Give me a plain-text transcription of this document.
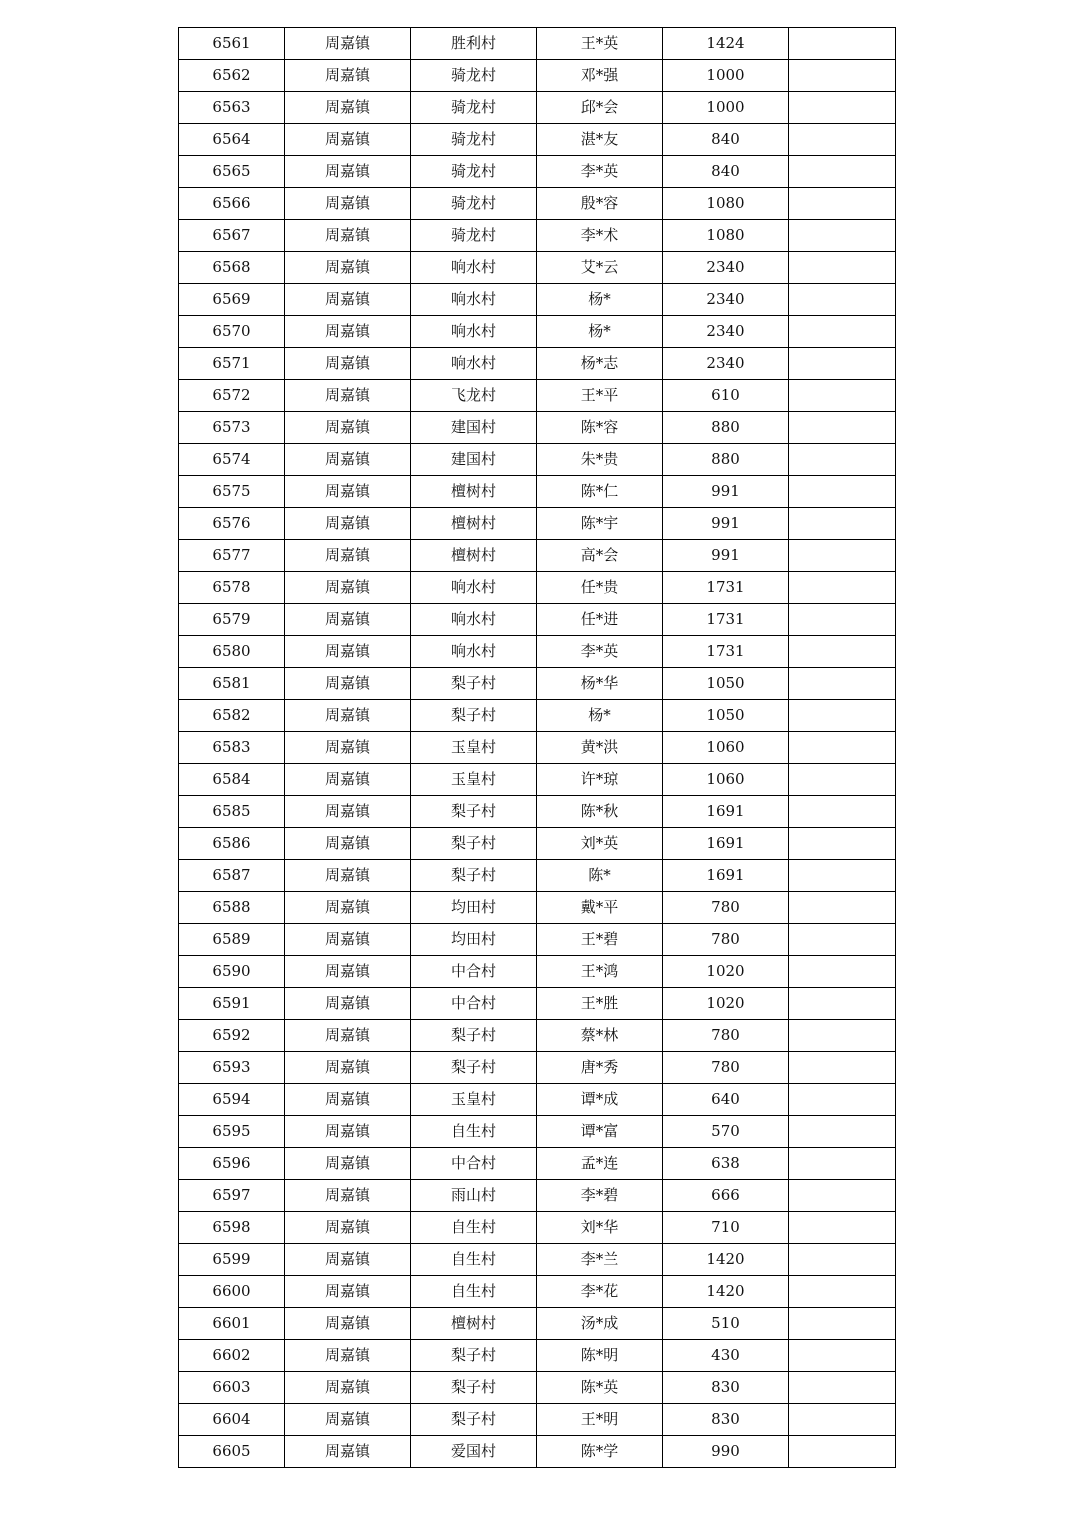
6561	周嘉镇	胜利村	王*英	1424	
6562	周嘉镇	骑龙村	邓*强	1000	
6563	周嘉镇	骑龙村	邱*会	1000	
6564	周嘉镇	骑龙村	湛*友	840	
6565	周嘉镇	骑龙村	李*英	840	
6566	周嘉镇	骑龙村	殷*容	1080	
6567	周嘉镇	骑龙村	李*术	1080	
6568	周嘉镇	响水村	艾*云	2340	
6569	周嘉镇	响水村	杨*	2340	
6570	周嘉镇	响水村	杨*	2340	
6571	周嘉镇	响水村	杨*志	2340	
6572	周嘉镇	飞龙村	王*平	610	
6573	周嘉镇	建国村	陈*容	880	
6574	周嘉镇	建国村	朱*贵	880	
6575	周嘉镇	檀树村	陈*仁	991	
6576	周嘉镇	檀树村	陈*宇	991	
6577	周嘉镇	檀树村	高*会	991	
6578	周嘉镇	响水村	任*贵	1731	
6579	周嘉镇	响水村	任*进	1731	
6580	周嘉镇	响水村	李*英	1731	
6581	周嘉镇	梨子村	杨*华	1050	
6582	周嘉镇	梨子村	杨*	1050	
6583	周嘉镇	玉皇村	黄*洪	1060	
6584	周嘉镇	玉皇村	许*琼	1060	
6585	周嘉镇	梨子村	陈*秋	1691	
6586	周嘉镇	梨子村	刘*英	1691	
6587	周嘉镇	梨子村	陈*	1691	
6588	周嘉镇	均田村	戴*平	780	
6589	周嘉镇	均田村	王*碧	780	
6590	周嘉镇	中合村	王*鸿	1020	
6591	周嘉镇	中合村	王*胜	1020	
6592	周嘉镇	梨子村	蔡*林	780	
6593	周嘉镇	梨子村	唐*秀	780	
6594	周嘉镇	玉皇村	谭*成	640	
6595	周嘉镇	自生村	谭*富	570	
6596	周嘉镇	中合村	孟*连	638	
6597	周嘉镇	雨山村	李*碧	666	
6598	周嘉镇	自生村	刘*华	710	
6599	周嘉镇	自生村	李*兰	1420	
6600	周嘉镇	自生村	李*花	1420	
6601	周嘉镇	檀树村	汤*成	510	
6602	周嘉镇	梨子村	陈*明	430	
6603	周嘉镇	梨子村	陈*英	830	
6604	周嘉镇	梨子村	王*明	830	
6605	周嘉镇	爱国村	陈*学	990	
